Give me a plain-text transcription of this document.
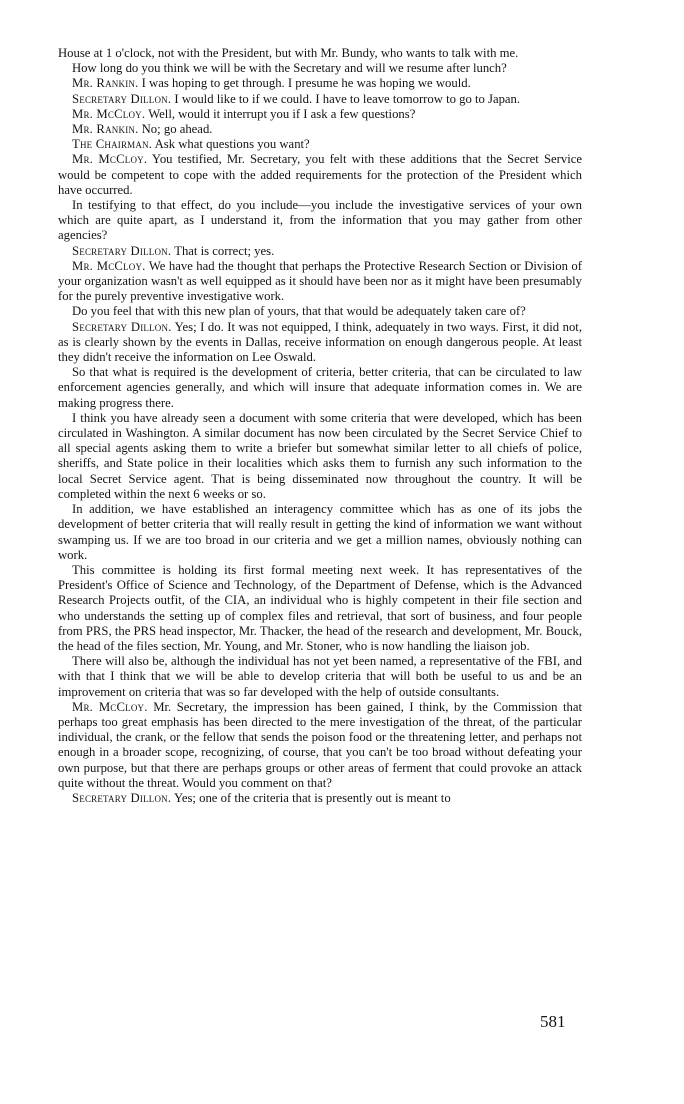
House at 1 o'clock, not with the President, but with Mr. Bundy, who wants to talk with me.

How long do you think we will be with the Secretary and will we resume after lunch?

Mr. Rankin. I was hoping to get through. I presume he was hoping we would.

Secretary Dillon. I would like to if we could. I have to leave tomorrow to go to Japan.

Mr. McCloy. Well, would it interrupt you if I ask a few questions?

Mr. Rankin. No; go ahead.

The Chairman. Ask what questions you want?

Mr. McCloy. You testified, Mr. Secretary, you felt with these additions that the Secret Service would be competent to cope with the added requirements for the protection of the President which have occurred.

In testifying to that effect, do you include—you include the investigative services of your own which are quite apart, as I understand it, from the information that you may gather from other agencies?

Secretary Dillon. That is correct; yes.

Mr. McCloy. We have had the thought that perhaps the Protective Research Section or Division of your organization wasn't as well equipped as it should have been nor as it might have been presumably for the purely preventive investigative work.

Do you feel that with this new plan of yours, that that would be adequately taken care of?

Secretary Dillon. Yes; I do. It was not equipped, I think, adequately in two ways. First, it did not, as is clearly shown by the events in Dallas, receive information on enough dangerous people. At least they didn't receive the information on Lee Oswald.

So that what is required is the development of criteria, better criteria, that can be circulated to law enforcement agencies generally, and which will insure that adequate information comes in. We are making progress there.

I think you have already seen a document with some criteria that were developed, which has been circulated in Washington. A similar document has now been circulated by the Secret Service Chief to all special agents asking them to write a briefer but somewhat similar letter to all chiefs of police, sheriffs, and State police in their localities which asks them to furnish any such information to the local Secret Service agent. That is being disseminated now throughout the country. It will be completed within the next 6 weeks or so.

In addition, we have established an interagency committee which has as one of its jobs the development of better criteria that will really result in getting the kind of information we want without swamping us. If we are too broad in our criteria and we get a million names, obviously nothing can work.

This committee is holding its first formal meeting next week. It has representatives of the President's Office of Science and Technology, of the Department of Defense, which is the Advanced Research Projects outfit, of the CIA, an individual who is highly competent in their file section and who understands the setting up of complex files and retrieval, that sort of business, and four people from PRS, the PRS head inspector, Mr. Thacker, the head of the research and development, Mr. Bouck, the head of the files section, Mr. Young, and Mr. Stoner, who is now handling the liaison job.

There will also be, although the individual has not yet been named, a representative of the FBI, and with that I think that we will be able to develop criteria that will both be useful to us and be an improvement on criteria that was so far developed with the help of outside consultants.

Mr. McCloy. Mr. Secretary, the impression has been gained, I think, by the Commission that perhaps too great emphasis has been directed to the mere investigation of the threat, of the particular individual, the crank, or the fellow that sends the poison food or the threatening letter, and perhaps not enough in a broader scope, recognizing, of course, that you can't be too broad without defeating your own purpose, but that there are perhaps groups or other areas of ferment that could provoke an attack quite without the threat. Would you comment on that?

Secretary Dillon. Yes; one of the criteria that is presently out is meant to

581
